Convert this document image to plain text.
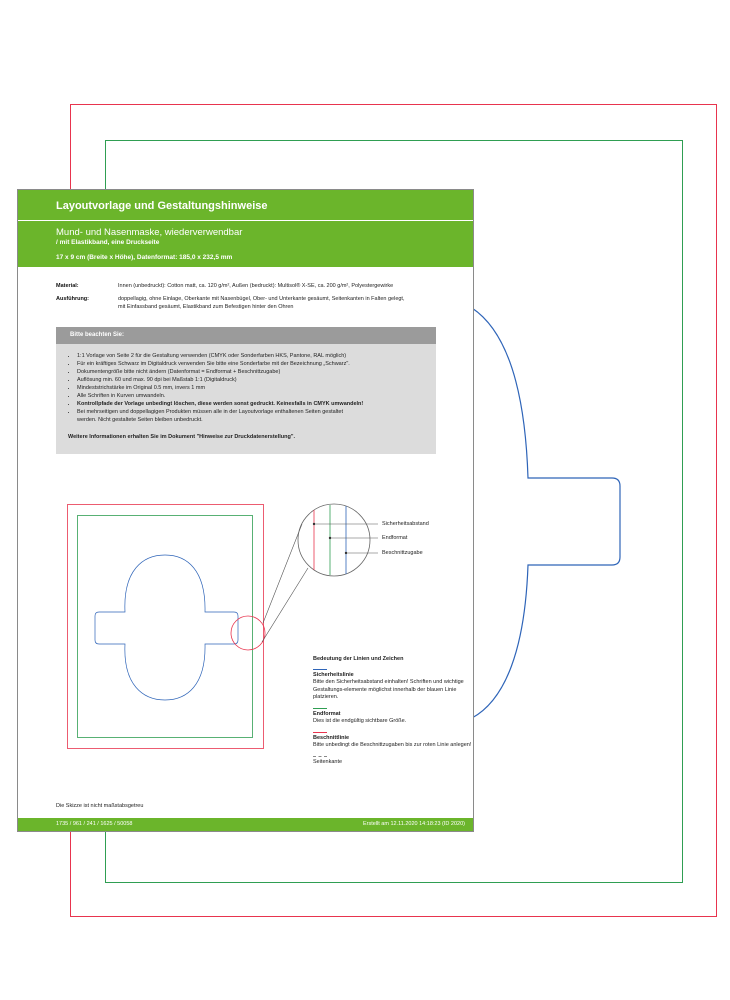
Layoutvorlage und Gestaltungshinweise
Mund- und Nasenmaske, wiederverwendbar
/ mit Elastikband, eine Druckseite
17 x 9 cm (Breite x Höhe), Datenformat: 185,0 x 232,5 mm
Material:	Innen (unbedruckt): Cotton matt, ca. 120 g/m², Außen (bedruckt): Multisol® X-SE, ca. 200 g/m², Polyestergewirke
Ausführung:	doppellagig, ohne Einlage, Oberkante mit Nasenbügel, Ober- und Unterkante gesäumt, Seitenkanten in Falten gelegt,
mit Einfassband gesäumt, Elastikband zum Befestigen hinter den Ohren
Bitte beachten Sie:
• 1:1 Vorlage von Seite 2 für die Gestaltung verwenden (CMYK oder Sonderfarben HKS, Pantone, RAL möglich)
• Für ein kräftiges Schwarz im Digitaldruck verwenden Sie bitte eine Sonderfarbe mit der Bezeichnung „Schwarz".
• Dokumentengröße bitte nicht ändern (Datenformat = Endformat + Beschnittzugabe)
• Auflösung min. 60 und max. 90 dpi bei Maßstab 1:1 (Digitaldruck)
• Mindeststrichstärke im Original 0.5 mm, invers 1 mm
• Alle Schriften in Kurven umwandeln.
• Kontrollpfade der Vorlage unbedingt löschen, diese werden sonst gedruckt. Keinesfalls in CMYK umwandeln!
• Bei mehrseitigen und doppellagigen Produkten müssen alle in der Layoutvorlage enthaltenen Seiten gestaltet
werden. Nicht gestaltete Seiten bleiben unbedruckt.
Weitere Informationen erhalten Sie im Dokument "Hinweise zur Druckdatenerstellung".
Sicherheitsabstand
Endformat
Beschnittzugabe
Bedeutung der Linien und Zeichen
Sicherheitslinie
Bitte den Sicherheitsabstand einhalten! Schriften und wichtige Gestaltungs-elemente möglichst innerhalb der blauen Linie platzieren.
Endformat
Dies ist die endgültig sichtbare Größe.
Beschnittlinie
Bitte unbedingt die Beschnittzugaben bis zur roten Linie anlegen!
Seitenkante
Die Skizze ist nicht maßstabsgetreu
1735 / 961 / 241 / 1625 / 50058	Erstellt am 12.11.2020 14:18:23 (ID 2020)
